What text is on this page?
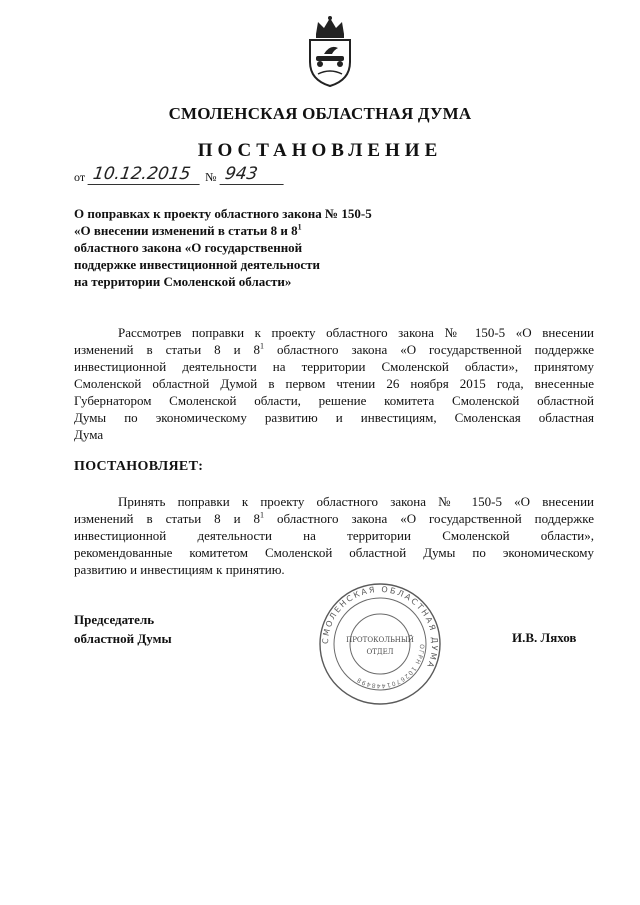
СМОЛЕНСКАЯ ОБЛАСТНАЯ ДУМА
ПОСТАНОВЛЕНИЕ
от 10.12.2015	№ 943
О поправках к проекту областного закона № 150-5
«О внесении изменений в статьи 8 и $8^1$
областного закона «О государственной
поддержке инвестиционной деятельности
на территории Смоленской области»
Рассмотрев поправки к проекту областного закона № 150-5 «О внесении
изменений в статьи 8 и $8^1$ областного закона «О государственной поддержке
инвестиционной деятельности на территории Смоленской области», принятому
Смоленской областной Думой в первом чтении 26 ноября 2015 года, внесенные
Губернатором Смоленской области, решение комитета Смоленской областной
Думы по экономическому развитию и инвестициям, Смоленская областная
Дума
ПОСТАНОВЛЯЕТ:
Принять поправки к проекту областного закона № 150-5 «О внесении
изменений в статьи 8 и $8^1$ областного закона «О государственной поддержке
инвестиционной деятельности на территории Смоленской области»,
рекомендованные комитетом Смоленской областной Думы по экономическому
развитию и инвестициям к принятию.
Председатель
областной Думы	И.В. Ляхов
СМОЛЕНСКАЯ ОБЛАСТНАЯ ДУМА
ОГРН 1026701448498
ПРОТОКОЛЬНЫЙ
ОТДЕЛ
